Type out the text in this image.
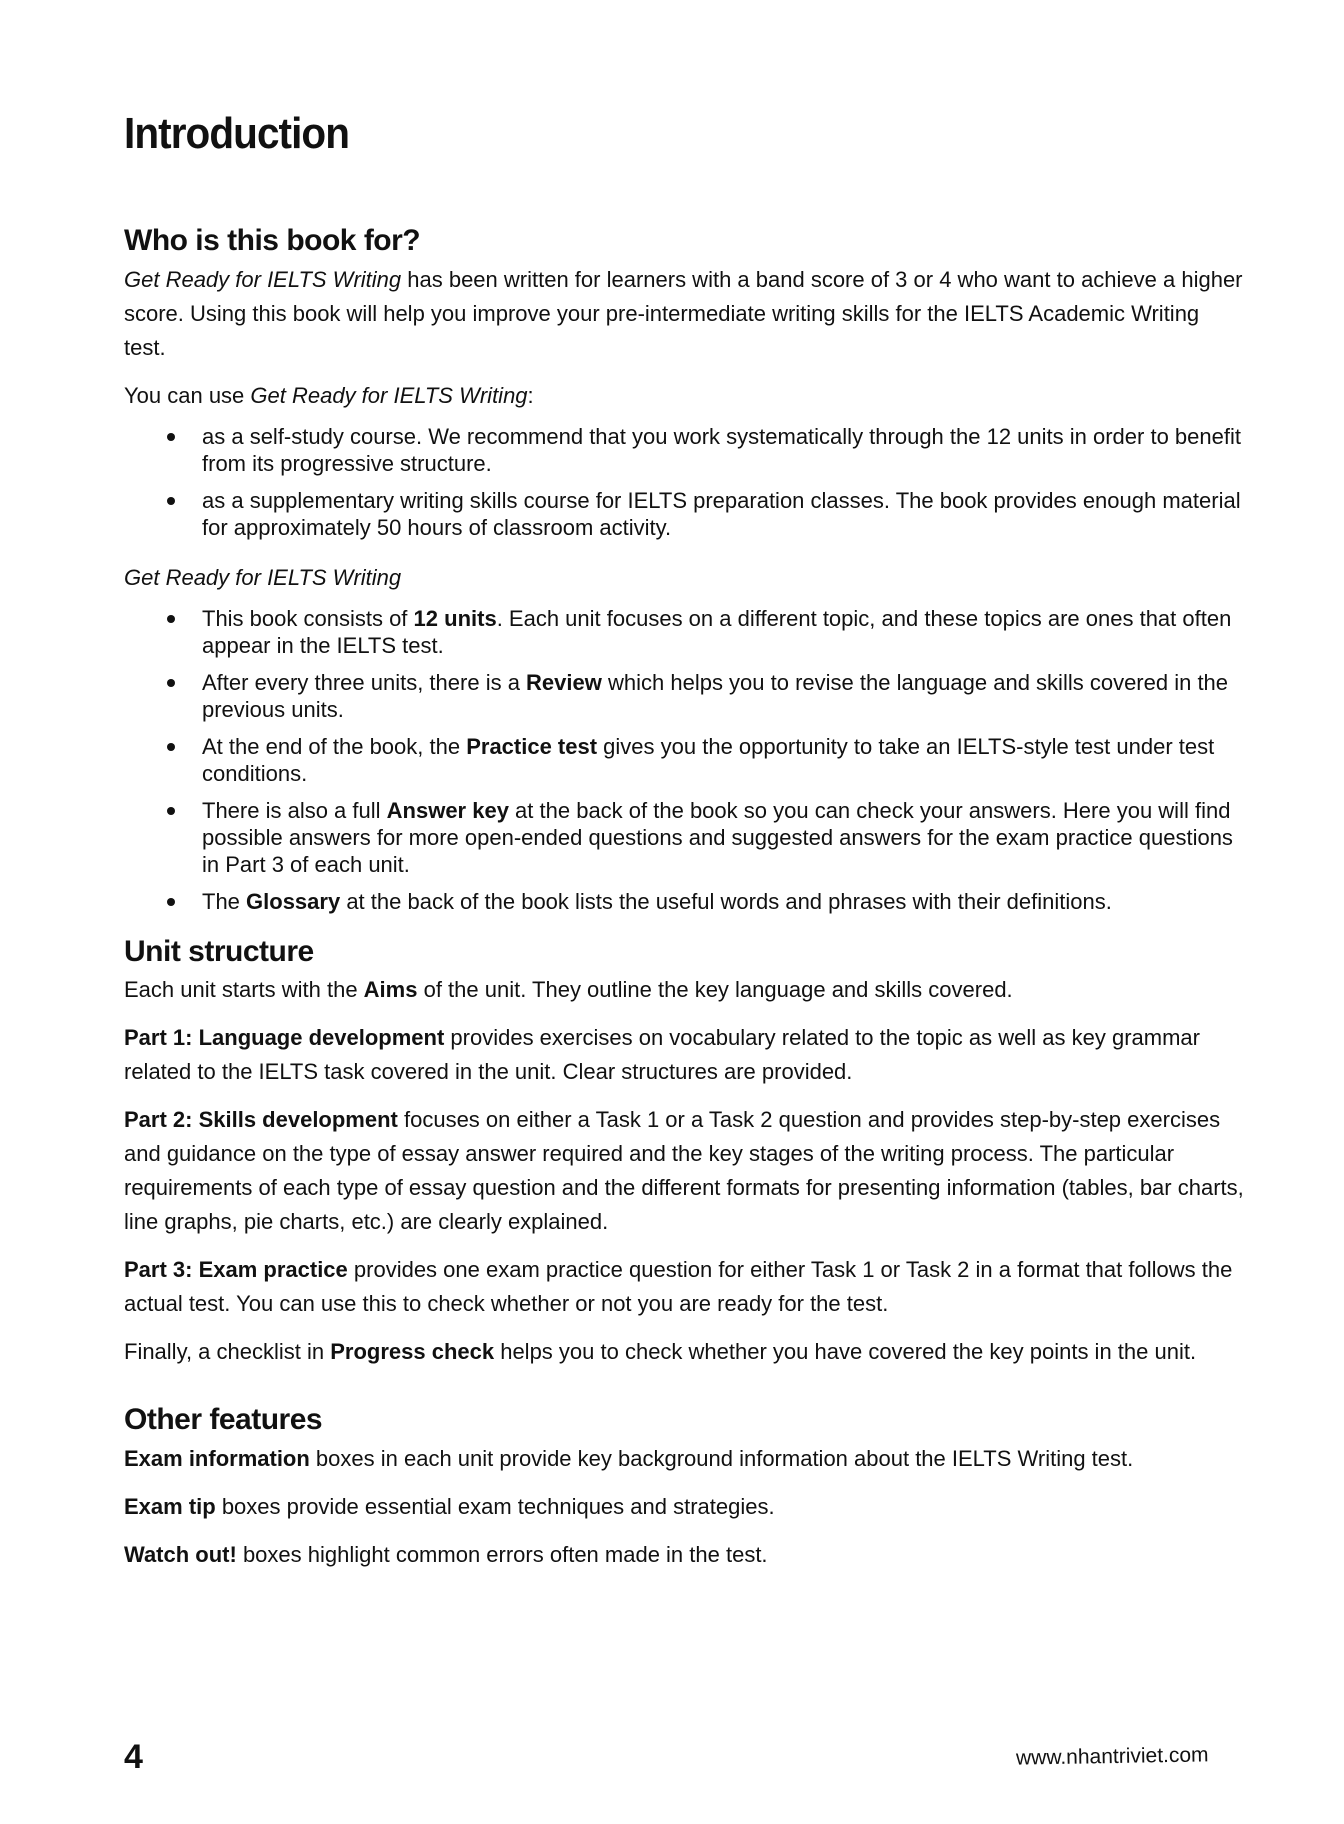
Introduction
Who is this book for?

Get Ready for IELTS Writing has been written for learners with a band score of 3 or 4 who want to achieve a higher score. Using this book will help you improve your pre-intermediate writing skills for the IELTS Academic Writing test.

You can use Get Ready for IELTS Writing:

as a self-study course. We recommend that you work systematically through the 12 units in order to benefit from its progressive structure.
as a supplementary writing skills course for IELTS preparation classes. The book provides enough material for approximately 50 hours of classroom activity.

Get Ready for IELTS Writing

This book consists of 12 units. Each unit focuses on a different topic, and these topics are ones that often appear in the IELTS test.
After every three units, there is a Review which helps you to revise the language and skills covered in the previous units.
At the end of the book, the Practice test gives you the opportunity to take an IELTS-style test under test conditions.
There is also a full Answer key at the back of the book so you can check your answers. Here you will find possible answers for more open-ended questions and suggested answers for the exam practice questions in Part 3 of each unit.
The Glossary at the back of the book lists the useful words and phrases with their definitions.
Unit structure

Each unit starts with the Aims of the unit. They outline the key language and skills covered.

Part 1: Language development provides exercises on vocabulary related to the topic as well as key grammar related to the IELTS task covered in the unit. Clear structures are provided.

Part 2: Skills development focuses on either a Task 1 or a Task 2 question and provides step-by-step exercises and guidance on the type of essay answer required and the key stages of the writing process. The particular requirements of each type of essay question and the different formats for presenting information (tables, bar charts, line graphs, pie charts, etc.) are clearly explained.

Part 3: Exam practice provides one exam practice question for either Task 1 or Task 2 in a format that follows the actual test. You can use this to check whether or not you are ready for the test.

Finally, a checklist in Progress check helps you to check whether you have covered the key points in the unit.

Other features

Exam information boxes in each unit provide key background information about the IELTS Writing test.

Exam tip boxes provide essential exam techniques and strategies.

Watch out! boxes highlight common errors often made in the test.

4	www.nhantriviet.com
